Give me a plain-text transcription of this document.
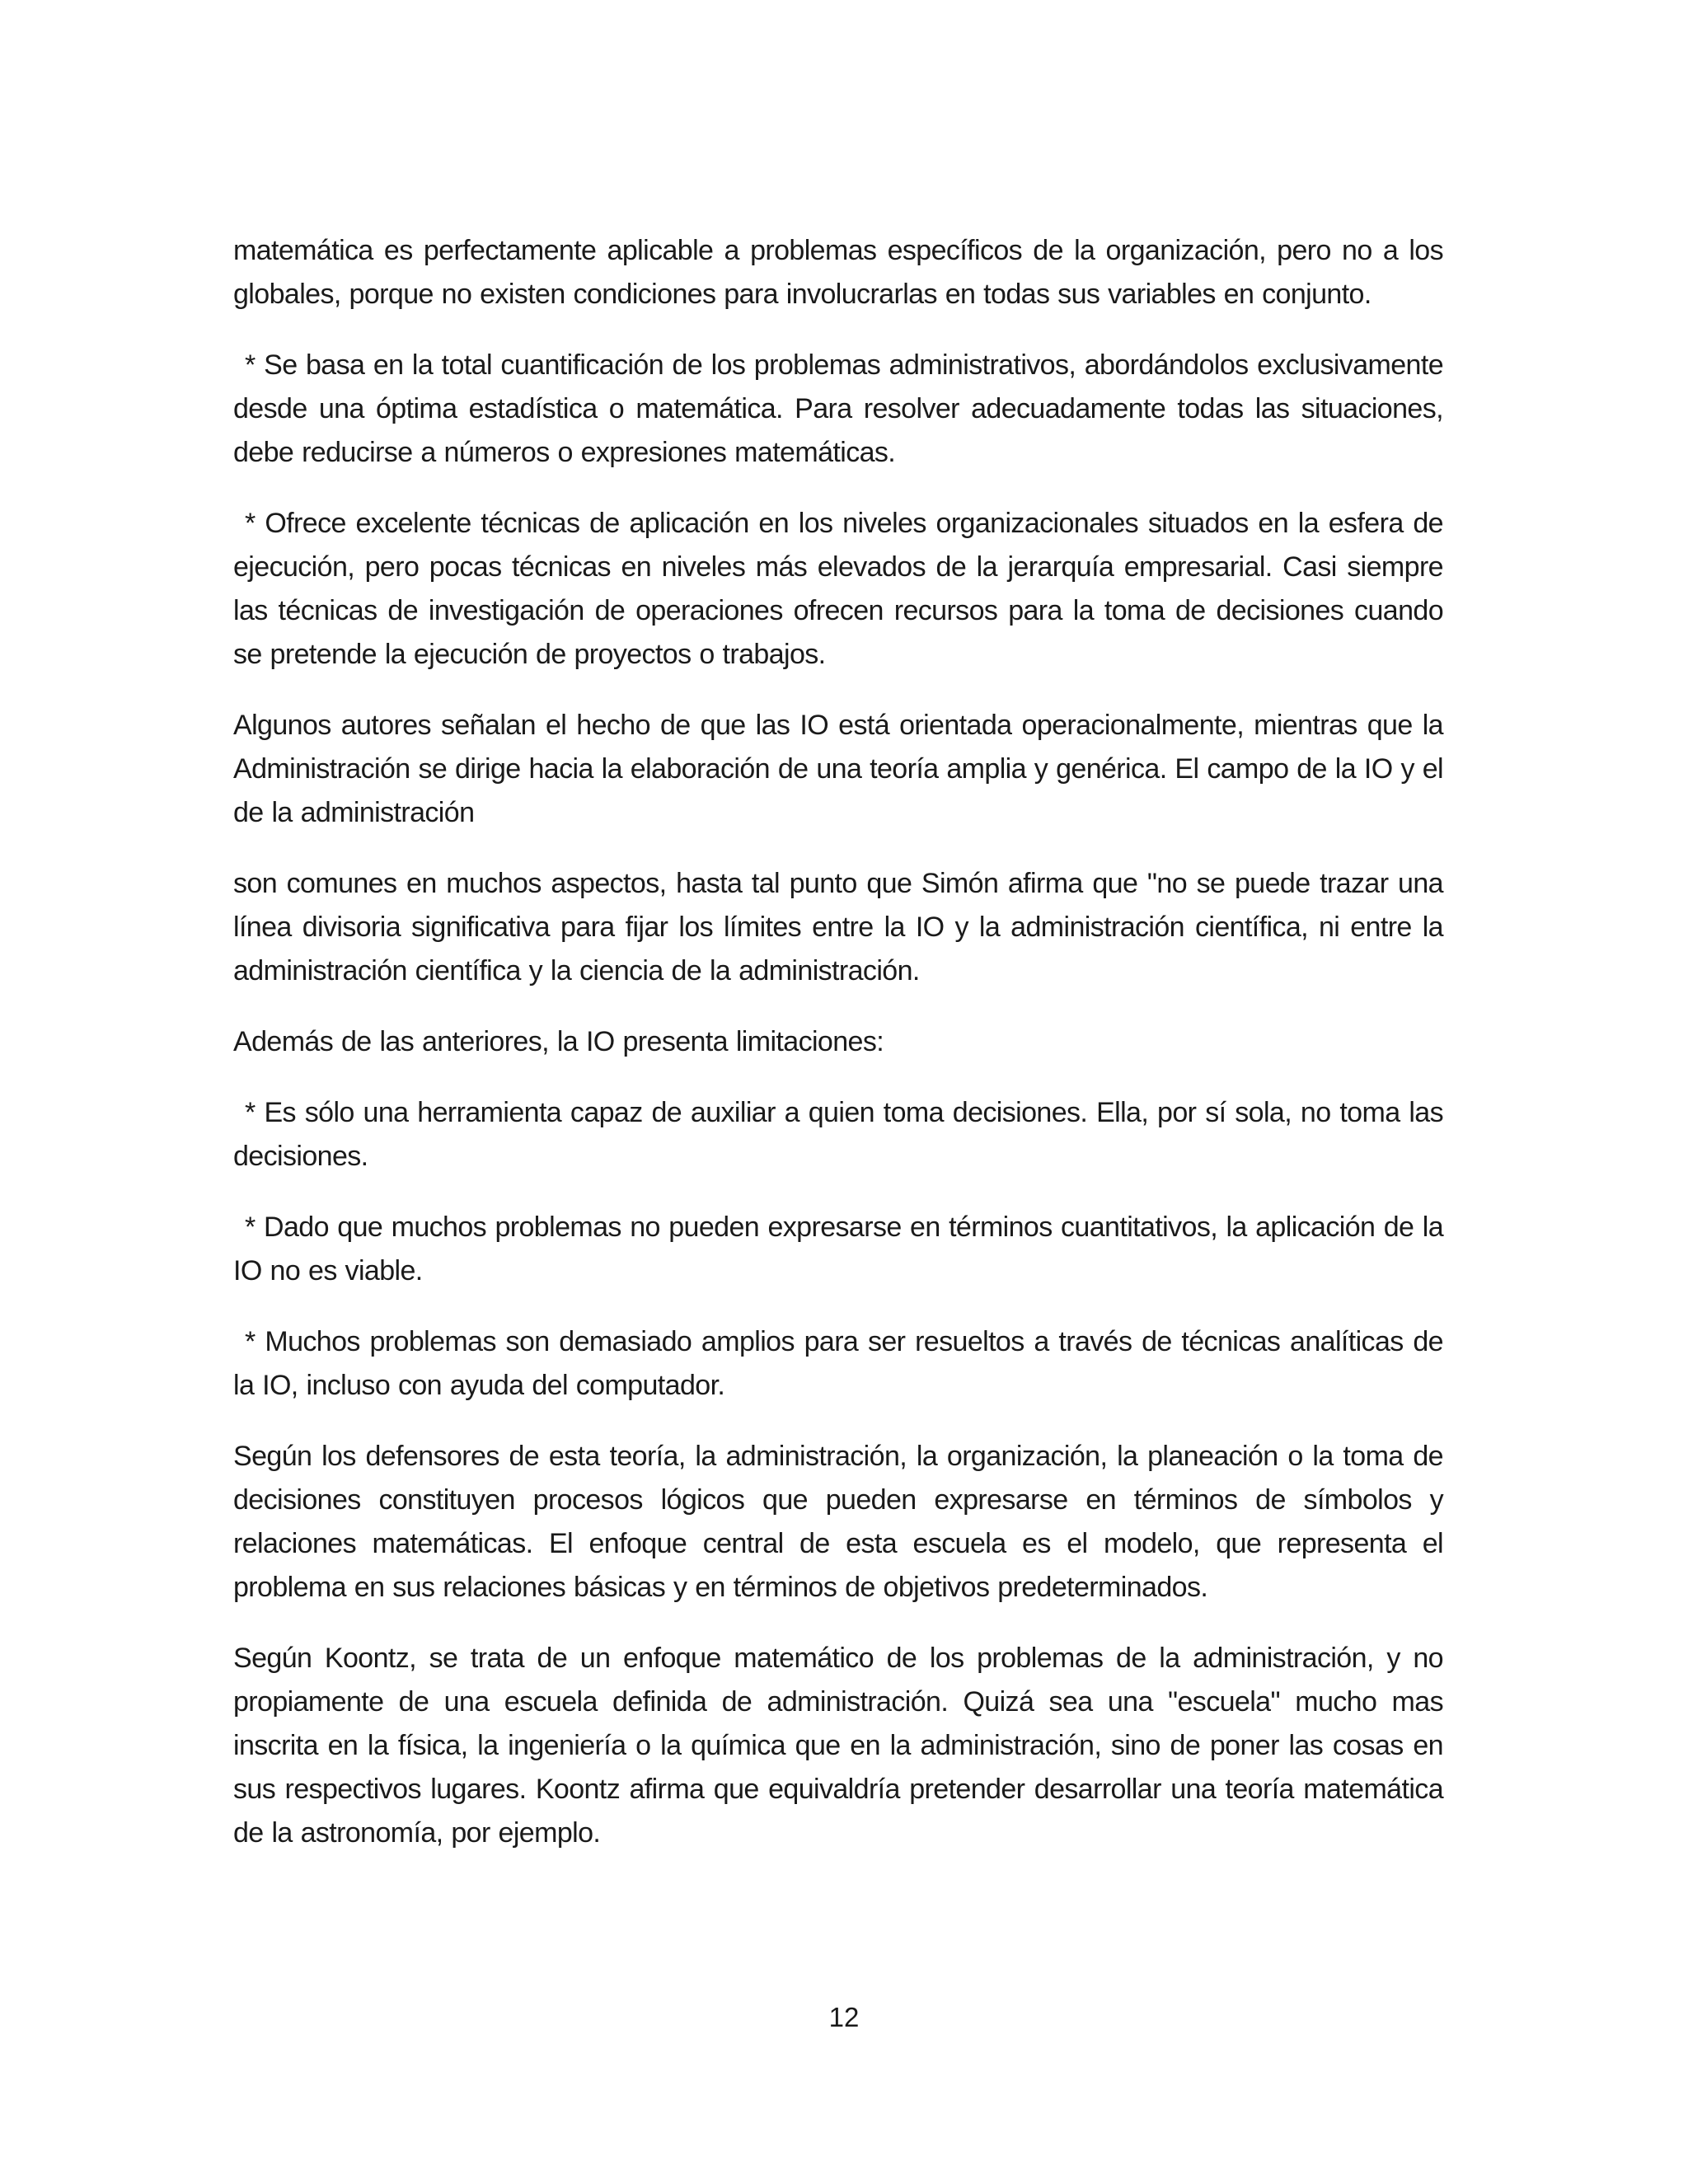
matemática es perfectamente aplicable a problemas específicos de la organización, pero no a los globales, porque no existen condiciones para involucrarlas en todas sus variables en conjunto.

* Se basa en la total cuantificación de los problemas administrativos, abordándolos exclusivamente desde una óptima estadística o matemática. Para resolver adecuadamente todas las situaciones, debe reducirse a números o expresiones matemáticas.

* Ofrece excelente técnicas de aplicación en los niveles organizacionales situados en la esfera de ejecución, pero pocas técnicas en niveles más elevados de la jerarquía empresarial. Casi siempre las técnicas de investigación de operaciones ofrecen recursos para la toma de decisiones cuando se pretende la ejecución de proyectos o trabajos.

Algunos autores señalan el hecho de que las IO está orientada operacionalmente, mientras que la Administración se dirige hacia la elaboración de una teoría amplia y genérica. El campo de la IO y el de la administración

son comunes en muchos aspectos, hasta tal punto que Simón afirma que "no se puede trazar una línea divisoria significativa para fijar los límites entre la IO y la administración científica, ni entre la administración científica y la ciencia de la administración.

Además de las anteriores, la IO presenta limitaciones:

* Es sólo una herramienta capaz de auxiliar a quien toma decisiones. Ella, por sí sola, no toma las decisiones.

* Dado que muchos problemas no pueden expresarse en términos cuantitativos, la aplicación de la IO no es viable.

* Muchos problemas son demasiado amplios para ser resueltos a través de técnicas analíticas de la IO, incluso con ayuda del computador.

Según los defensores de esta teoría, la administración, la organización, la planeación o la toma de decisiones constituyen procesos lógicos que pueden expresarse en términos de símbolos y relaciones matemáticas. El enfoque central de esta escuela es el modelo, que representa el problema en sus relaciones básicas y en términos de objetivos predeterminados.

Según Koontz, se trata de un enfoque matemático de los problemas de la administración, y no propiamente de una escuela definida de administración. Quizá sea una "escuela" mucho mas inscrita en la física, la ingeniería o la química que en la administración, sino de poner las cosas en sus respectivos lugares. Koontz afirma que equivaldría pretender desarrollar una teoría matemática de la astronomía, por ejemplo.

12
